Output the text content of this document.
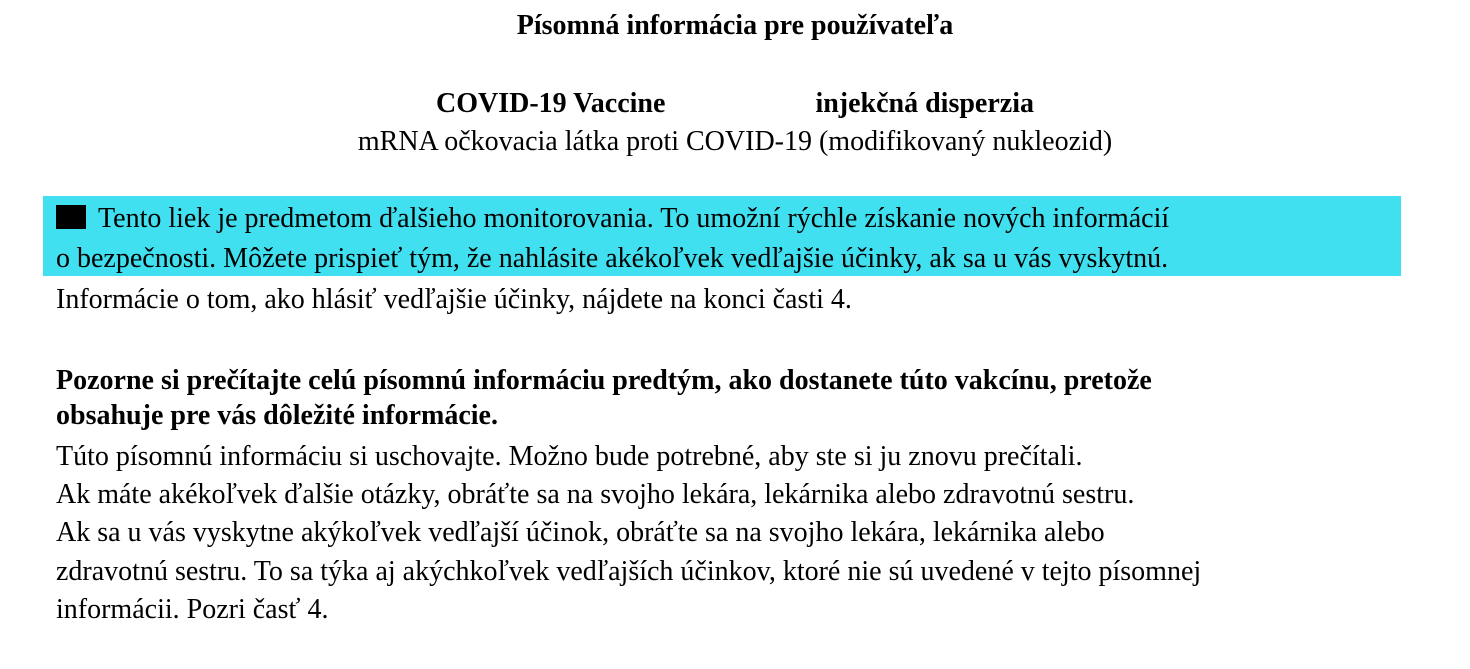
Písomná informácia pre používateľa
COVID-19 Vaccine	injekčná disperzia
mRNA očkovacia látka proti COVID-19 (modifikovaný nukleozid)
Tento liek je predmetom ďalšieho monitorovania. To umožní rýchle získanie nových informácií
o bezpečnosti. Môžete prispieť tým, že nahlásite akékoľvek vedľajšie účinky, ak sa u vás vyskytnú.
Informácie o tom, ako hlásiť vedľajšie účinky, nájdete na konci časti 4.
Pozorne si prečítajte celú písomnú informáciu predtým, ako dostanete túto vakcínu, pretože
obsahuje pre vás dôležité informácie.
Túto písomnú informáciu si uschovajte. Možno bude potrebné, aby ste si ju znovu prečítali.
Ak máte akékoľvek ďalšie otázky, obráťte sa na svojho lekára, lekárnika alebo zdravotnú sestru.
Ak sa u vás vyskytne akýkoľvek vedľajší účinok, obráťte sa na svojho lekára, lekárnika alebo
zdravotnú sestru. To sa týka aj akýchkoľvek vedľajších účinkov, ktoré nie sú uvedené v tejto písomnej
informácii. Pozri časť 4.
